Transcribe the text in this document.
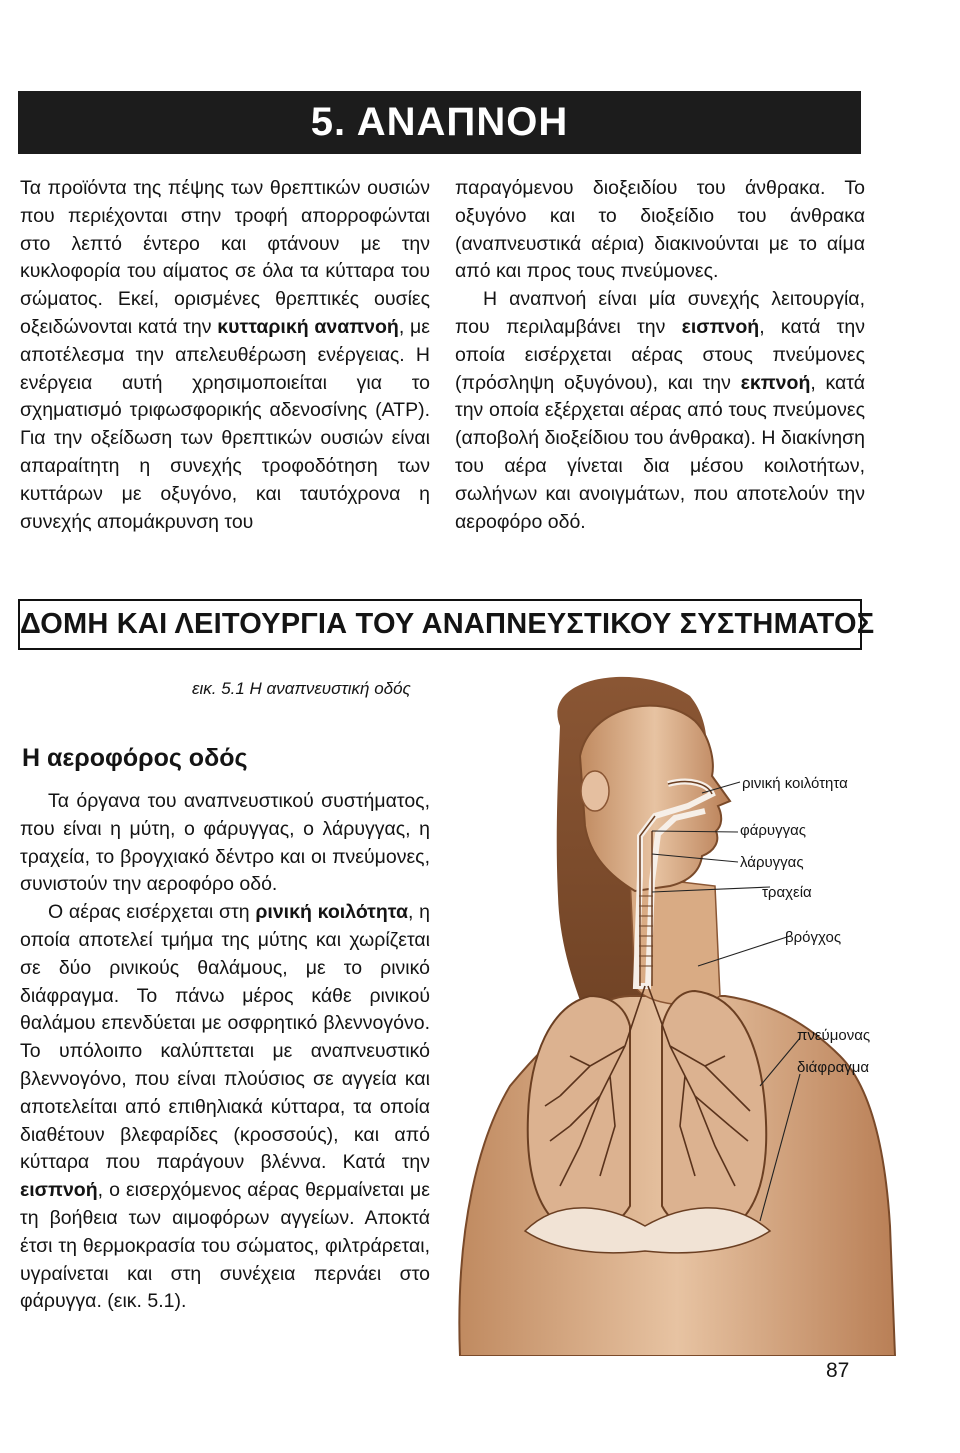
5. ΑΝΑΠΝΟΗ

Τα προϊόντα της πέψης των θρεπτικών ουσιών που περιέχονται στην τροφή απορροφώνται στο λεπτό έντερο και φτάνουν με την κυκλοφορία του αίματος σε όλα τα κύτταρα του σώματος. Εκεί, ορισμένες θρεπτικές ουσίες οξειδώνονται κατά την κυτταρική αναπνοή, με αποτέλεσμα την απελευθέρωση ενέργειας. Η ενέργεια αυτή χρησιμοποιείται για το σχηματισμό τριφωσφορικής αδενοσίνης (ATP). Για την οξείδωση των θρεπτικών ουσιών είναι απαραίτητη η συνεχής τροφοδότηση των κυττάρων με οξυγόνο, και ταυτόχρονα η συνεχής απομάκρυνση του

παραγόμενου διοξειδίου του άνθρακα. Το οξυγόνο και το διοξείδιο του άνθρακα (αναπνευστικά αέρια) διακινούνται με το αίμα από και προς τους πνεύμονες.

Η αναπνοή είναι μία συνεχής λειτουργία, που περιλαμβάνει την εισπνοή, κατά την οποία εισέρχεται αέρας στους πνεύμονες (πρόσληψη οξυγόνου), και την εκπνοή, κατά την οποία εξέρχεται αέρας από τους πνεύμονες (αποβολή διοξείδιου του άνθρακα). Η διακίνηση του αέρα γίνεται δια μέσου κοιλοτήτων, σωλήνων και ανοιγμάτων, που αποτελούν την αεροφόρο οδό.

ΔΟΜΗ ΚΑΙ ΛΕΙΤΟΥΡΓΙΑ ΤΟΥ ΑΝΑΠΝΕΥΣΤΙΚΟΥ ΣΥΣΤΗΜΑΤΟΣ
εικ. 5.1 Η αναπνευστική οδός
Η αεροφόρος οδός

Τα όργανα του αναπνευστικού συστήματος, που είναι η μύτη, ο φάρυγγας, ο λάρυγγας, η τραχεία, το βρογχιακό δέντρο και οι πνεύμονες, συνιστούν την αεροφόρο οδό.

Ο αέρας εισέρχεται στη ρινική κοιλότητα, η οποία αποτελεί τμήμα της μύτης και χωρίζεται σε δύο ρινικούς θαλάμους, με το ρινικό διάφραγμα. Το πάνω μέρος κάθε ρινικού θαλάμου επενδύεται με οσφρητικό βλεννογόνο. Το υπόλοιπο καλύπτεται με αναπνευστικό βλεννογόνο, που είναι πλούσιος σε αγγεία και αποτελείται από επιθηλιακά κύτταρα, τα οποία διαθέτουν βλεφαρίδες (κροσσούς), και από κύτταρα που παράγουν βλέννα. Κατά την εισπνοή, ο εισερχόμενος αέρας θερμαίνεται με τη βοήθεια των αιμοφόρων αγγείων. Αποκτά έτσι τη θερμοκρασία του σώματος, φιλτράρεται, υγραίνεται και στη συνέχεια περνάει στο φάρυγγα. (εικ. 5.1).

ρινική κοιλότητα
φάρυγγας
λάρυγγας
τραχεία
βρόγχος
πνεύμονας
διάφραγμα
87
